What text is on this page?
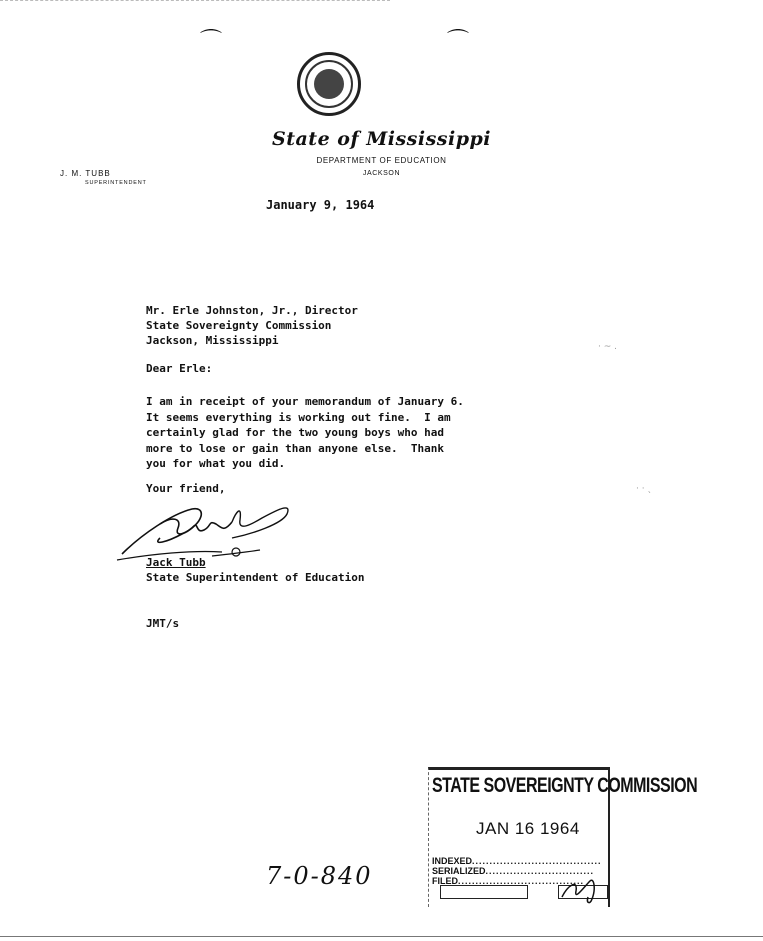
⌒	⌒
State of Mississippi
DEPARTMENT OF EDUCATION
JACKSON
J. M. TUBB
SUPERINTENDENT
January 9, 1964
Mr. Erle Johnston, Jr., Director
State Sovereignty Commission
Jackson, Mississippi
Dear Erle:
I am in receipt of your memorandum of January 6.
It seems everything is working out fine.  I am
certainly glad for the two young boys who had
more to lose or gain than anyone else.  Thank
you for what you did.
Your friend,
Jack Tubb
State Superintendent of Education
JMT/s
· ~ .
· · ˎ
STATE SOVEREIGNTY COMMISSION
JAN 16 1964
INDEXED.....................................
SERIALIZED...............................
FILED....................................
7-0-840
